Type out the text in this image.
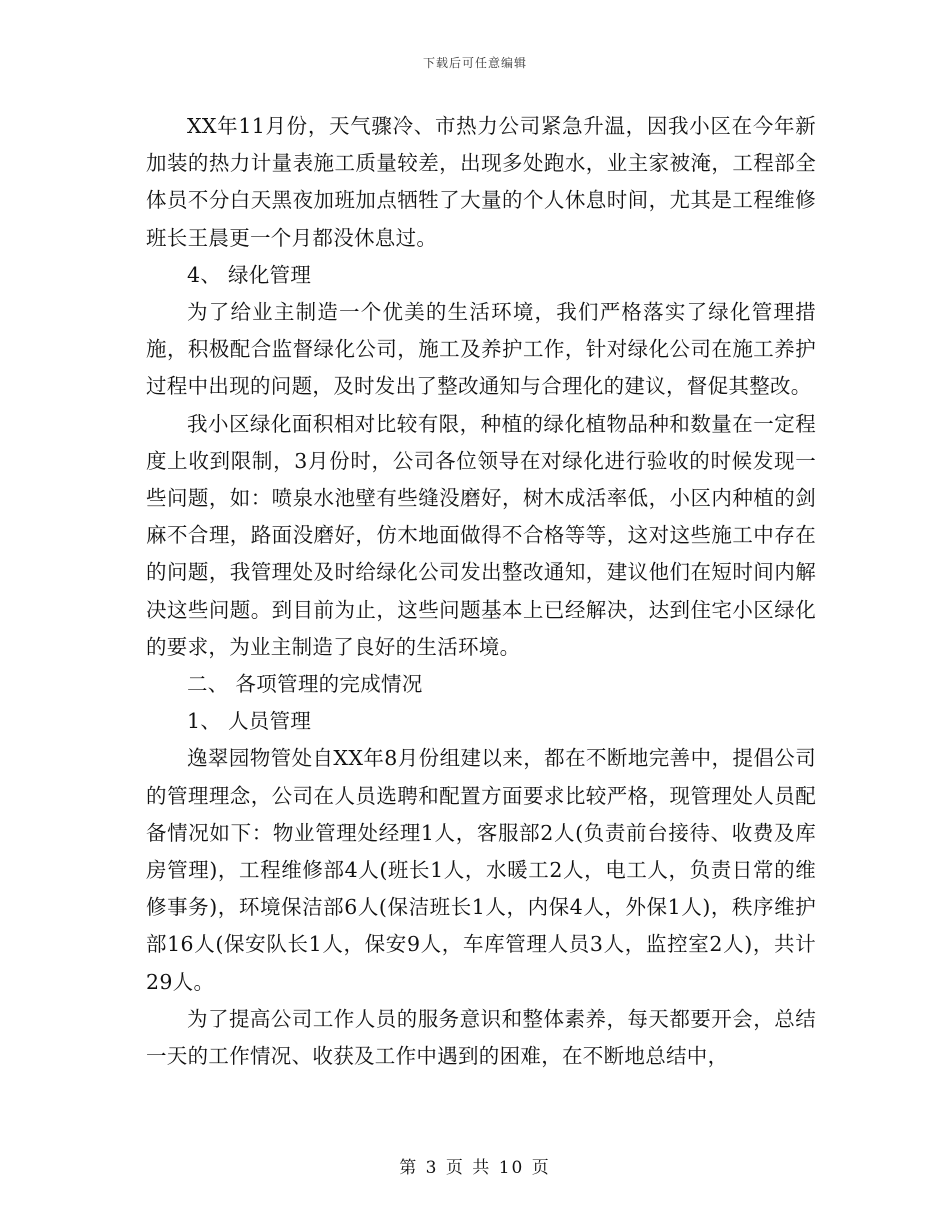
下载后可任意编辑

XX年11月份，天气骤冷、市热力公司紧急升温，因我小区在今年新加装的热力计量表施工质量较差，出现多处跑水，业主家被淹，工程部全体员不分白天黑夜加班加点牺牲了大量的个人休息时间，尤其是工程维修班长王晨更一个月都没休息过。

4、 绿化管理

为了给业主制造一个优美的生活环境，我们严格落实了绿化管理措施，积极配合监督绿化公司，施工及养护工作，针对绿化公司在施工养护过程中出现的问题，及时发出了整改通知与合理化的建议，督促其整改。

我小区绿化面积相对比较有限，种植的绿化植物品种和数量在一定程度上收到限制，3月份时，公司各位领导在对绿化进行验收的时候发现一些问题，如：喷泉水池壁有些缝没磨好，树木成活率低，小区内种植的剑麻不合理，路面没磨好，仿木地面做得不合格等等，这对这些施工中存在的问题，我管理处及时给绿化公司发出整改通知，建议他们在短时间内解决这些问题。到目前为止，这些问题基本上已经解决，达到住宅小区绿化的要求，为业主制造了良好的生活环境。

二、 各项管理的完成情况

1、 人员管理

逸翠园物管处自XX年8月份组建以来，都在不断地完善中，提倡公司的管理理念，公司在人员选聘和配置方面要求比较严格，现管理处人员配备情况如下：物业管理处经理1人，客服部2人(负责前台接待、收费及库房管理)，工程维修部4人(班长1人，水暖工2人，电工人，负责日常的维修事务)，环境保洁部6人(保洁班长1人，内保4人，外保1人)，秩序维护部16人(保安队长1人，保安9人，车库管理人员3人，监控室2人)，共计29人。

为了提高公司工作人员的服务意识和整体素养，每天都要开会，总结一天的工作情况、收获及工作中遇到的困难，在不断地总结中，

第 3 页 共 10 页
